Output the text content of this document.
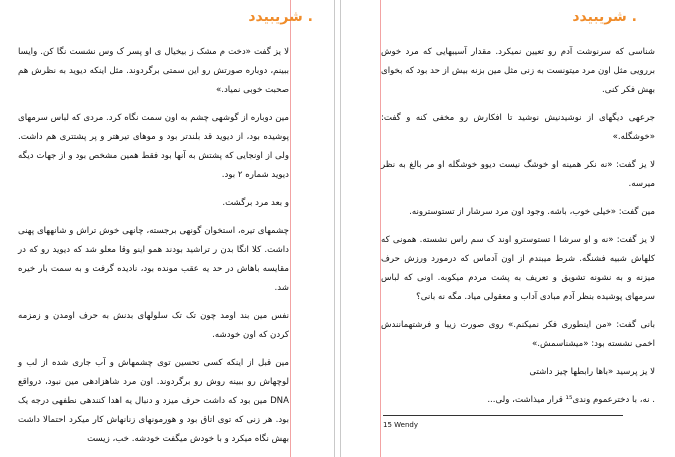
. شریبیدد

لا یز گفت «دخت م مشک ز بیخیال ی او پسر ک وس نشست نگا کن. وایسا ببینم، دوباره صورتش رو این سمتی برگردوند. مثل اینکه دیوید به نظرش هم صحبت خوبی نمیاد.»

مین دوباره از گوشهی چشم به اون سمت نگاه کرد. مردی که لباس سرمهای پوشیده بود، از دیوید قد بلندتر بود و موهای تیرهتر و پر پشتتری هم داشت. ولی از اونجایی که پشتش به آنها بود فقط همین مشخص بود و از جهات دیگه دیوید شماره ۲ بود.

و بعد مرد برگشت.

چشمهای تیره، استخوان گونهی برجسته، چانهی خوش تراش و شانههای پهنی داشت. کلا انگا بدن ر تراشید بودند همو اینو وقا معلو شد که دیوید رو که در مقایسه باهاش در حد یه عقب مونده بود، نادیده گرفت و به سمت بار خیره شد.

نفس مین بند اومد چون تک تک سلولهای بدنش به حرف اومدن و زمزمه کردن که اون خودشه.

مین قبل از اینکه کسی تحسین توی چشمهاش و آب جاری شده از لب و لوچهاش رو ببینه روش رو برگردوند. اون مرد شاهزادهی مین نبود، درواقع DNA مین بود که داشت حرف میزد و دنبال یه اهدا کنندهی نطفهی درجه یک بود. هر زنی که توی اتاق بود و هورمونهای زنانهاش کار میکرد احتمالا داشت بهش نگاه میکرد و با خودش میگفت خودشه. خب، زیست

. شریبیدد

شناسی که سرنوشت آدم رو تعیین نمیکرد. مقدار آسیبهایی که مرد خوش بررویی مثل اون مرد میتونست به زنی مثل مین بزنه بیش از حد بود که بخوای بهش فکر کنی.

جرعهی دیگهای از نوشیدنیش نوشید تا افکارش رو مخفی کنه و گفت: «خوشگله.»

لا یز گفت: «نه نکر همینه او خوشگ نیست دیوو خوشگله او مر بالغ به نظر میرسه.

مین گفت: «خیلی خوب، باشه. وجود اون مرد سرشار از تستوسترونه.

لا یز گفت: «نه و او سرشا ا تستوسترو اوند ک سم راس نشسته. همونی که کلهاش شبیه فشنگه. شرط میبندم از اون آدماس که درمورد ورزش حرف میزنه و به نشونه تشویق و تعریف به پشت مردم میکوبه. اونی که لباس سرمهای پوشیده بنظر آدم مبادی آداب و معقولی میاد. مگه نه بانی؟

بانی گفت: «من اینطوری فکر نمیکنم.» روی صورت زیبا و فرشتهمانندش اخمی نشسته بود: «میشناسمش.»

لا یز پرسید «باها رابطها چیز داشتی

. نه، با دخترعموم وندی¹⁵ قرار میذاشت، ولی...

15 Wendy
